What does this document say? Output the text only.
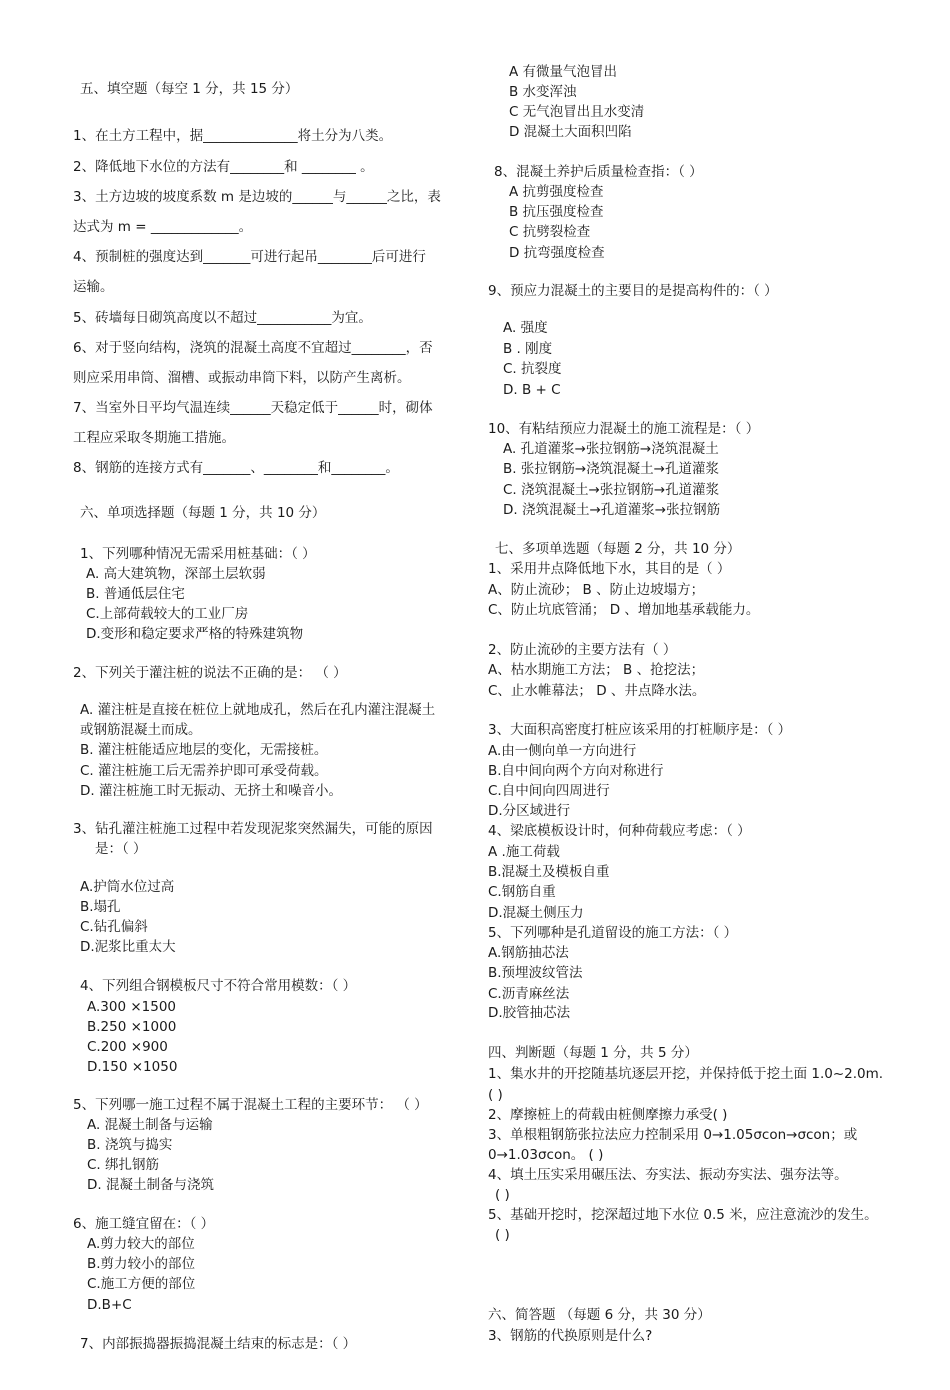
五、填空题（每空 1 分，共 15 分）
1、在土方工程中，据______________将土分为八类。
2、降低地下水位的方法有________和 ________ 。
3、土方边坡的坡度系数 m 是边坡的______与______之比，表
达式为 m = _____________。
4、预制桩的强度达到_______可进行起吊________后可进行
运输。
5、砖墙每日砌筑高度以不超过___________为宜。
6、对于竖向结构，浇筑的混凝土高度不宜超过________，否
则应采用串筒、溜槽、或振动串筒下料，以防产生离析。
7、当室外日平均气温连续______天稳定低于______时，砌体
工程应采取冬期施工措施。
8、钢筋的连接方式有_______、________和________。
六、单项选择题（每题 1 分，共 10 分）
1、下列哪种情况无需采用桩基础：（ ）
A. 高大建筑物，深部土层软弱
B. 普通低层住宅
C.上部荷载较大的工业厂房
D.变形和稳定要求严格的特殊建筑物
2、下列关于灌注桩的说法不正确的是： （ ）
A. 灌注桩是直接在桩位上就地成孔，然后在孔内灌注混凝土
或钢筋混凝土而成。
B. 灌注桩能适应地层的变化，无需接桩。
C. 灌注桩施工后无需养护即可承受荷载。
D. 灌注桩施工时无振动、无挤土和噪音小。
3、钻孔灌注桩施工过程中若发现泥浆突然漏失，可能的原因
是：（ ）
A.护筒水位过高
B.塌孔
C.钻孔偏斜
D.泥浆比重太大
4、下列组合钢模板尺寸不符合常用模数：（ ）
A.300 ×1500
B.250 ×1000
C.200 ×900
D.150 ×1050
5、下列哪一施工过程不属于混凝土工程的主要环节： （ ）
A. 混凝土制备与运输
B. 浇筑与捣实
C. 绑扎钢筋
D. 混凝土制备与浇筑
6、施工缝宜留在：（ ）
A.剪力较大的部位
B.剪力较小的部位
C.施工方便的部位
D.B+C
7、内部振捣器振捣混凝土结束的标志是：（ ）
A 有微量气泡冒出
B 水变浑浊
C 无气泡冒出且水变清
D 混凝土大面积凹陷
8、混凝土养护后质量检查指：（ ）
A 抗剪强度检查
B 抗压强度检查
C 抗劈裂检查
D 抗弯强度检查
9、预应力混凝土的主要目的是提高构件的：（ ）
A. 强度
B . 刚度
C. 抗裂度
D. B + C
10、有粘结预应力混凝土的施工流程是：（ ）
A. 孔道灌浆→张拉钢筋→浇筑混凝土
B. 张拉钢筋→浇筑混凝土→孔道灌浆
C. 浇筑混凝土→张拉钢筋→孔道灌浆
D. 浇筑混凝土→孔道灌浆→张拉钢筋
七、多项单选题（每题 2 分，共 10 分）
1、采用井点降低地下水，其目的是（ ）
A、防止流砂； B 、防止边坡塌方；
C、防止坑底管涌； D 、增加地基承载能力。
2、防止流砂的主要方法有（ ）
A、枯水期施工方法； B 、抢挖法；
C、止水帷幕法； D 、井点降水法。
3、大面积高密度打桩应该采用的打桩顺序是：（ ）
A.由一侧向单一方向进行
B.自中间向两个方向对称进行
C.自中间向四周进行
D.分区域进行
4、梁底模板设计时，何种荷载应考虑：（ ）
A .施工荷载
B.混凝土及模板自重
C.钢筋自重
D.混凝土侧压力
5、下列哪种是孔道留设的施工方法：（ ）
A.钢筋抽芯法
B.预埋波纹管法
C.沥青麻丝法
D.胶管抽芯法
四、判断题（每题 1 分，共 5 分）
1、集水井的开挖随基坑逐层开挖，并保持低于挖土面 1.0~2.0m.
( )
2、摩擦桩上的荷载由桩侧摩擦力承受( )
3、单根粗钢筋张拉法应力控制采用 0→1.05σcon→σcon；或
0→1.03σcon。 ( )
4、填土压实采用碾压法、夯实法、振动夯实法、强夯法等。
( )
5、基础开挖时，挖深超过地下水位 0.5 米，应注意流沙的发生。
( )
六、简答题 （每题 6 分，共 30 分）
3、钢筋的代换原则是什么?
